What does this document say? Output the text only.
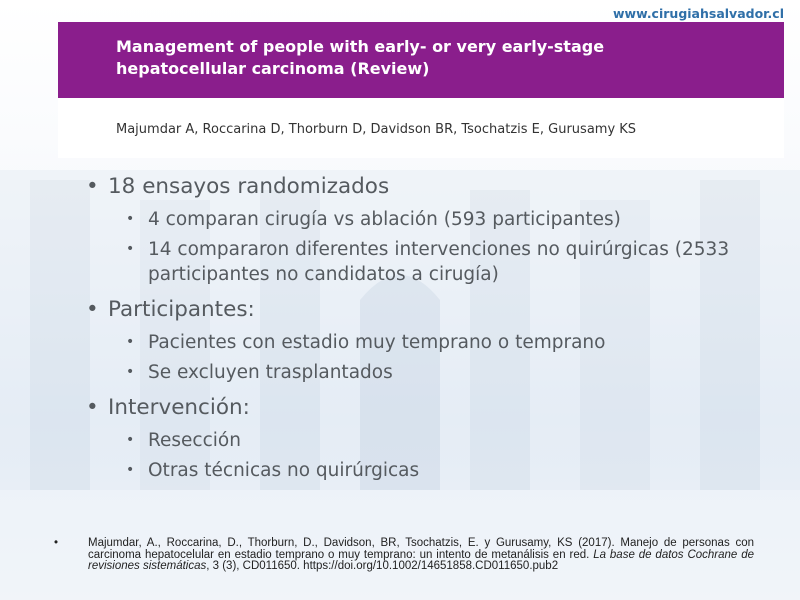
www.cirugiahsalvador.cl
Management of people with early- or very early-stage hepatocellular carcinoma (Review)
Majumdar A, Roccarina D, Thorburn D, Davidson BR, Tsochatzis E, Gurusamy KS
• 18 ensayos randomizados
• 4 comparan cirugía vs ablación (593 participantes)
• 14 compararon diferentes intervenciones no quirúrgicas (2533 participantes no candidatos a cirugía)
• Participantes:
• Pacientes con estadio muy temprano o temprano
• Se excluyen trasplantados
• Intervención:
• Resección
• Otras técnicas no quirúrgicas
•	Majumdar, A., Roccarina, D., Thorburn, D., Davidson, BR, Tsochatzis, E. y Gurusamy, KS (2017). Manejo de personas con carcinoma hepatocelular en estadio temprano o muy temprano: un intento de metanálisis en red. La base de datos Cochrane de revisiones sistemáticas, 3 (3), CD011650. https://doi.org/10.1002/14651858.CD011650.pub2
